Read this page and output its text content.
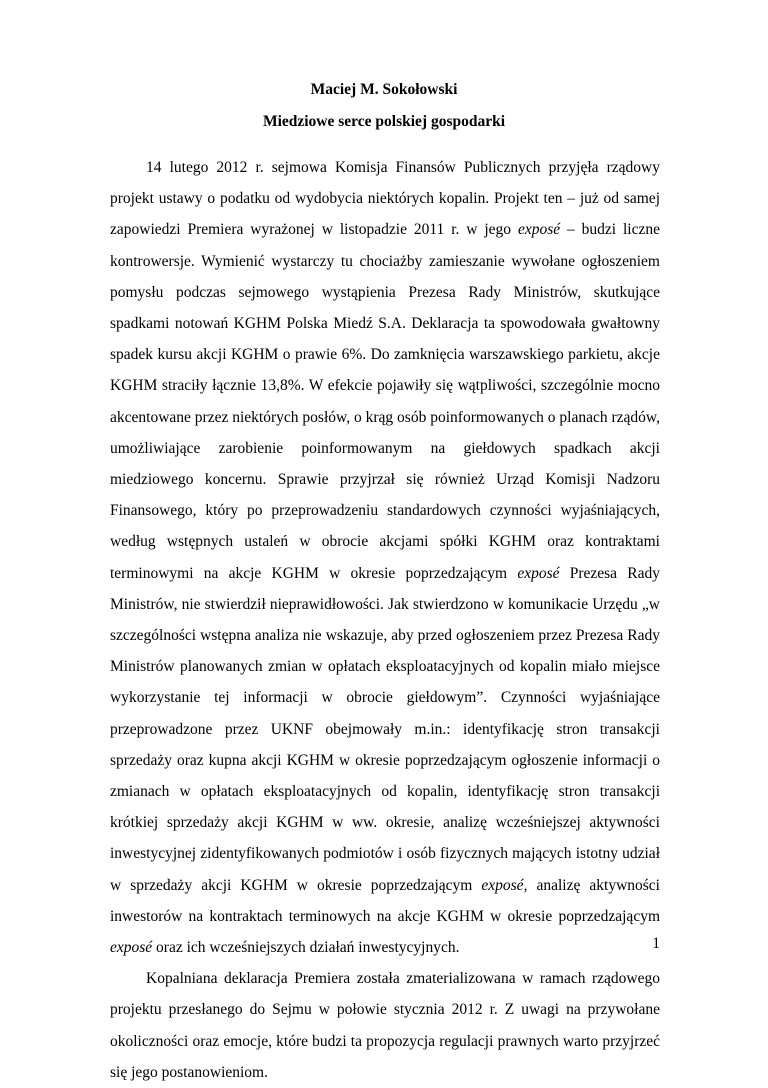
Maciej M. Sokołowski
Miedziowe serce polskiej gospodarki

14 lutego 2012 r. sejmowa Komisja Finansów Publicznych przyjęła rządowy projekt ustawy o podatku od wydobycia niektórych kopalin. Projekt ten – już od samej zapowiedzi Premiera wyrażonej w listopadzie 2011 r. w jego exposé – budzi liczne kontrowersje. Wymienić wystarczy tu chociażby zamieszanie wywołane ogłoszeniem pomysłu podczas sejmowego wystąpienia Prezesa Rady Ministrów, skutkujące spadkami notowań KGHM Polska Miedź S.A. Deklaracja ta spowodowała gwałtowny spadek kursu akcji KGHM o prawie 6%. Do zamknięcia warszawskiego parkietu, akcje KGHM straciły łącznie 13,8%. W efekcie pojawiły się wątpliwości, szczególnie mocno akcentowane przez niektórych posłów, o krąg osób poinformowanych o planach rządów, umożliwiające zarobienie poinformowanym na giełdowych spadkach akcji miedziowego koncernu. Sprawie przyjrzał się również Urząd Komisji Nadzoru Finansowego, który po przeprowadzeniu standardowych czynności wyjaśniających, według wstępnych ustaleń w obrocie akcjami spółki KGHM oraz kontraktami terminowymi na akcje KGHM w okresie poprzedzającym exposé Prezesa Rady Ministrów, nie stwierdził nieprawidłowości. Jak stwierdzono w komunikacie Urzędu „w szczególności wstępna analiza nie wskazuje, aby przed ogłoszeniem przez Prezesa Rady Ministrów planowanych zmian w opłatach eksploatacyjnych od kopalin miało miejsce wykorzystanie tej informacji w obrocie giełdowym”. Czynności wyjaśniające przeprowadzone przez UKNF obejmowały m.in.: identyfikację stron transakcji sprzedaży oraz kupna akcji KGHM w okresie poprzedzającym ogłoszenie informacji o zmianach w opłatach eksploatacyjnych od kopalin, identyfikację stron transakcji krótkiej sprzedaży akcji KGHM w ww. okresie, analizę wcześniejszej aktywności inwestycyjnej zidentyfikowanych podmiotów i osób fizycznych mających istotny udział w sprzedaży akcji KGHM w okresie poprzedzającym exposé, analizę aktywności inwestorów na kontraktach terminowych na akcje KGHM w okresie poprzedzającym exposé oraz ich wcześniejszych działań inwestycyjnych.

Kopalniana deklaracja Premiera została zmaterializowana w ramach rządowego projektu przesłanego do Sejmu w połowie stycznia 2012 r. Z uwagi na przywołane okoliczności oraz emocje, które budzi ta propozycja regulacji prawnych warto przyjrzeć się jego postanowieniom.

1
